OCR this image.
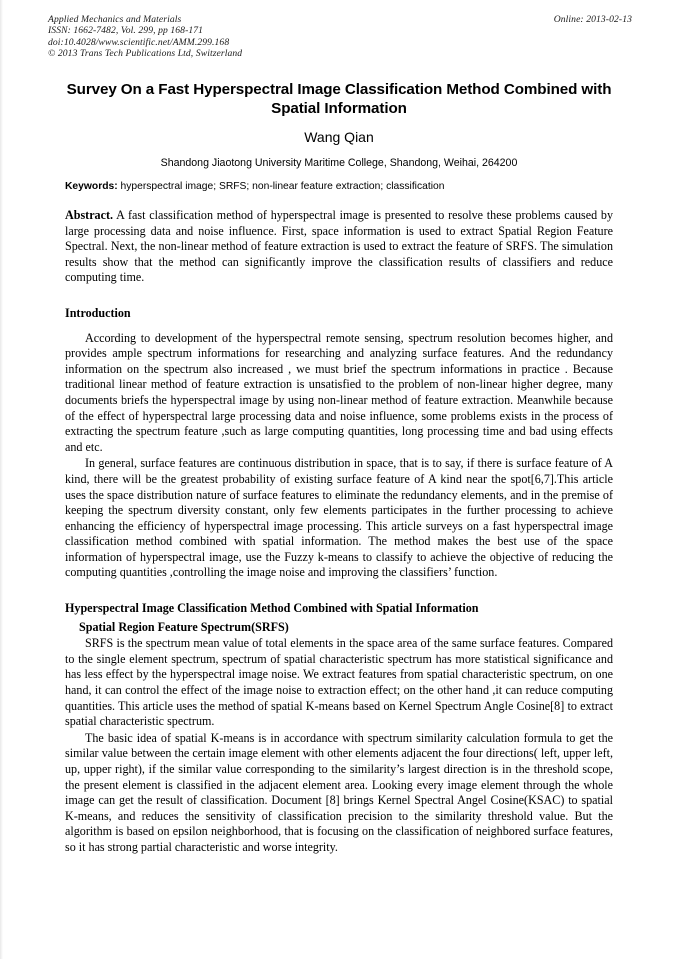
Applied Mechanics and Materials
ISSN: 1662-7482, Vol. 299, pp 168-171
doi:10.4028/www.scientific.net/AMM.299.168
© 2013 Trans Tech Publications Ltd, Switzerland
Online: 2013-02-13
Survey On a Fast Hyperspectral Image Classification Method Combined with Spatial Information
Wang Qian
Shandong Jiaotong University Maritime College, Shandong, Weihai, 264200
Keywords: hyperspectral image; SRFS; non-linear feature extraction; classification
Abstract. A fast classification method of hyperspectral image is presented to resolve these problems caused by large processing data and noise influence. First, space information is used to extract Spatial Region Feature Spectral. Next, the non-linear method of feature extraction is used to extract the feature of SRFS. The simulation results show that the method can significantly improve the classification results of classifiers and reduce computing time.
Introduction

According to development of the hyperspectral remote sensing, spectrum resolution becomes higher, and provides ample spectrum informations for researching and analyzing surface features. And the redundancy information on the spectrum also increased , we must brief the spectrum informations in practice . Because traditional linear method of feature extraction is unsatisfied to the problem of non-linear higher degree, many documents briefs the hyperspectral image by using non-linear method of feature extraction. Meanwhile because of the effect of hyperspectral large processing data and noise influence, some problems exists in the process of extracting the spectrum feature ,such as large computing quantities, long processing time and bad using effects and etc.

In general, surface features are continuous distribution in space, that is to say, if there is surface feature of A kind, there will be the greatest probability of existing surface feature of A kind near the spot[6,7].This article uses the space distribution nature of surface features to eliminate the redundancy elements, and in the premise of keeping the spectrum diversity constant, only few elements participates in the further processing to achieve enhancing the efficiency of hyperspectral image processing. This article surveys on a fast hyperspectral image classification method combined with spatial information. The method makes the best use of the space information of hyperspectral image, use the Fuzzy k-means to classify to achieve the objective of reducing the computing quantities ,controlling the image noise and improving the classifiers’ function.

Hyperspectral Image Classification Method Combined with Spatial Information
Spatial Region Feature Spectrum(SRFS)

SRFS is the spectrum mean value of total elements in the space area of the same surface features. Compared to the single element spectrum, spectrum of spatial characteristic spectrum has more statistical significance and has less effect by the hyperspectral image noise. We extract features from spatial characteristic spectrum, on one hand, it can control the effect of the image noise to extraction effect; on the other hand ,it can reduce computing quantities. This article uses the method of spatial K-means based on Kernel Spectrum Angle Cosine[8] to extract spatial characteristic spectrum.

The basic idea of spatial K-means is in accordance with spectrum similarity calculation formula to get the similar value between the certain image element with other elements adjacent the four directions( left, upper left, up, upper right), if the similar value corresponding to the similarity’s largest direction is in the threshold scope, the present element is classified in the adjacent element area. Looking every image element through the whole image can get the result of classification. Document [8] brings Kernel Spectral Angel Cosine(KSAC) to spatial K-means, and reduces the sensitivity of classification precision to the similarity threshold value. But the algorithm is based on epsilon neighborhood, that is focusing on the classification of neighbored surface features, so it has strong partial characteristic and worse integrity.
